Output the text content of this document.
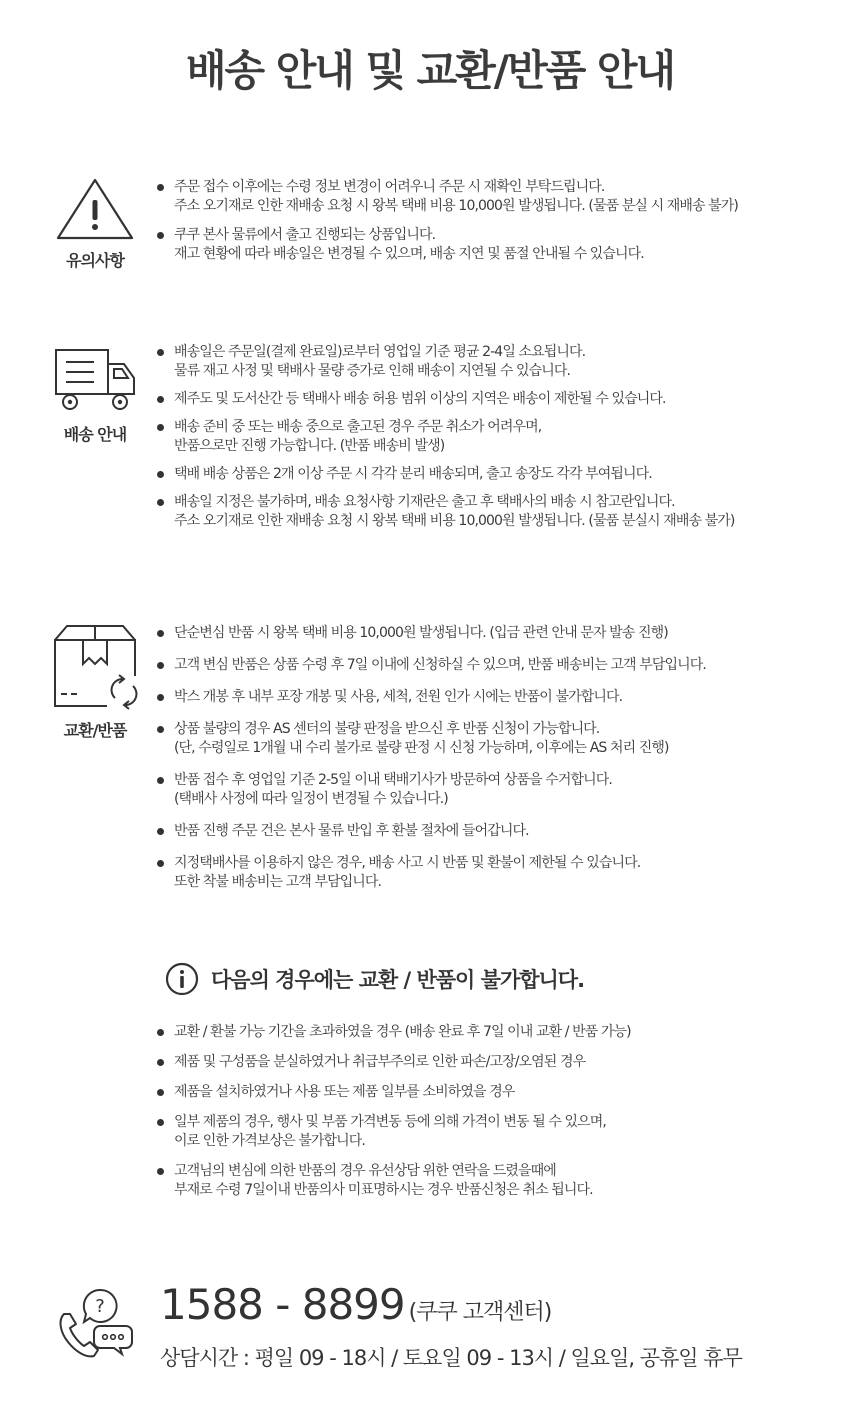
배송 안내 및 교환/반품 안내
유의사항
주문 접수 이후에는 수령 정보 변경이 어려우니 주문 시 재확인 부탁드립니다.
주소 오기재로 인한 재배송 요청 시 왕복 택배 비용 10,000원 발생됩니다. (물품 분실 시 재배송 불가)
쿠쿠 본사 물류에서 출고 진행되는 상품입니다.
재고 현황에 따라 배송일은 변경될 수 있으며, 배송 지연 및 품절 안내될 수 있습니다.
배송 안내
배송일은 주문일(결제 완료일)로부터 영업일 기준 평균 2-4일 소요됩니다.
물류 재고 사정 및 택배사 물량 증가로 인해 배송이 지연될 수 있습니다.
제주도 및 도서산간 등 택배사 배송 허용 범위 이상의 지역은 배송이 제한될 수 있습니다.
배송 준비 중 또는 배송 중으로 출고된 경우 주문 취소가 어려우며,
반품으로만 진행 가능합니다. (반품 배송비 발생)
택배 배송 상품은 2개 이상 주문 시 각각 분리 배송되며, 출고 송장도 각각 부여됩니다.
배송일 지정은 불가하며, 배송 요청사항 기재란은 출고 후 택배사의 배송 시 참고란입니다.
주소 오기재로 인한 재배송 요청 시 왕복 택배 비용 10,000원 발생됩니다. (물품 분실시 재배송 불가)
교환/반품
단순변심 반품 시 왕복 택배 비용 10,000원 발생됩니다. (입금 관련 안내 문자 발송 진행)
고객 변심 반품은 상품 수령 후 7일 이내에 신청하실 수 있으며, 반품 배송비는 고객 부담입니다.
박스 개봉 후 내부 포장 개봉 및 사용, 세척, 전원 인가 시에는 반품이 불가합니다.
상품 불량의 경우 AS 센터의 불량 판정을 받으신 후 반품 신청이 가능합니다.
(단, 수령일로 1개월 내 수리 불가로 불량 판정 시 신청 가능하며, 이후에는 AS 처리 진행)
반품 접수 후 영업일 기준 2-5일 이내 택배기사가 방문하여 상품을 수거합니다.
(택배사 사정에 따라 일정이 변경될 수 있습니다.)
반품 진행 주문 건은 본사 물류 반입 후 환불 절차에 들어갑니다.
지정택배사를 이용하지 않은 경우, 배송 사고 시 반품 및 환불이 제한될 수 있습니다.
또한 착불 배송비는 고객 부담입니다.
다음의 경우에는 교환 / 반품이 불가합니다.
교환 / 환불 가능 기간을 초과하였을 경우 (배송 완료 후 7일 이내 교환 / 반품 가능)
제품 및 구성품을 분실하였거나 취급부주의로 인한 파손/고장/오염된 경우
제품을 설치하였거나 사용 또는 제품 일부를 소비하였을 경우
일부 제품의 경우, 행사 및 부품 가격변동 등에 의해 가격이 변동 될 수 있으며,
이로 인한 가격보상은 불가합니다.
고객님의 변심에 의한 반품의 경우 유선상담 위한 연락을 드렸을때에
부재로 수령 7일이내 반품의사 미표명하시는 경우 반품신청은 취소 됩니다.
? 1588 - 8899 (쿠쿠 고객센터)
상담시간 : 평일 09 - 18시 / 토요일 09 - 13시 / 일요일, 공휴일 휴무
